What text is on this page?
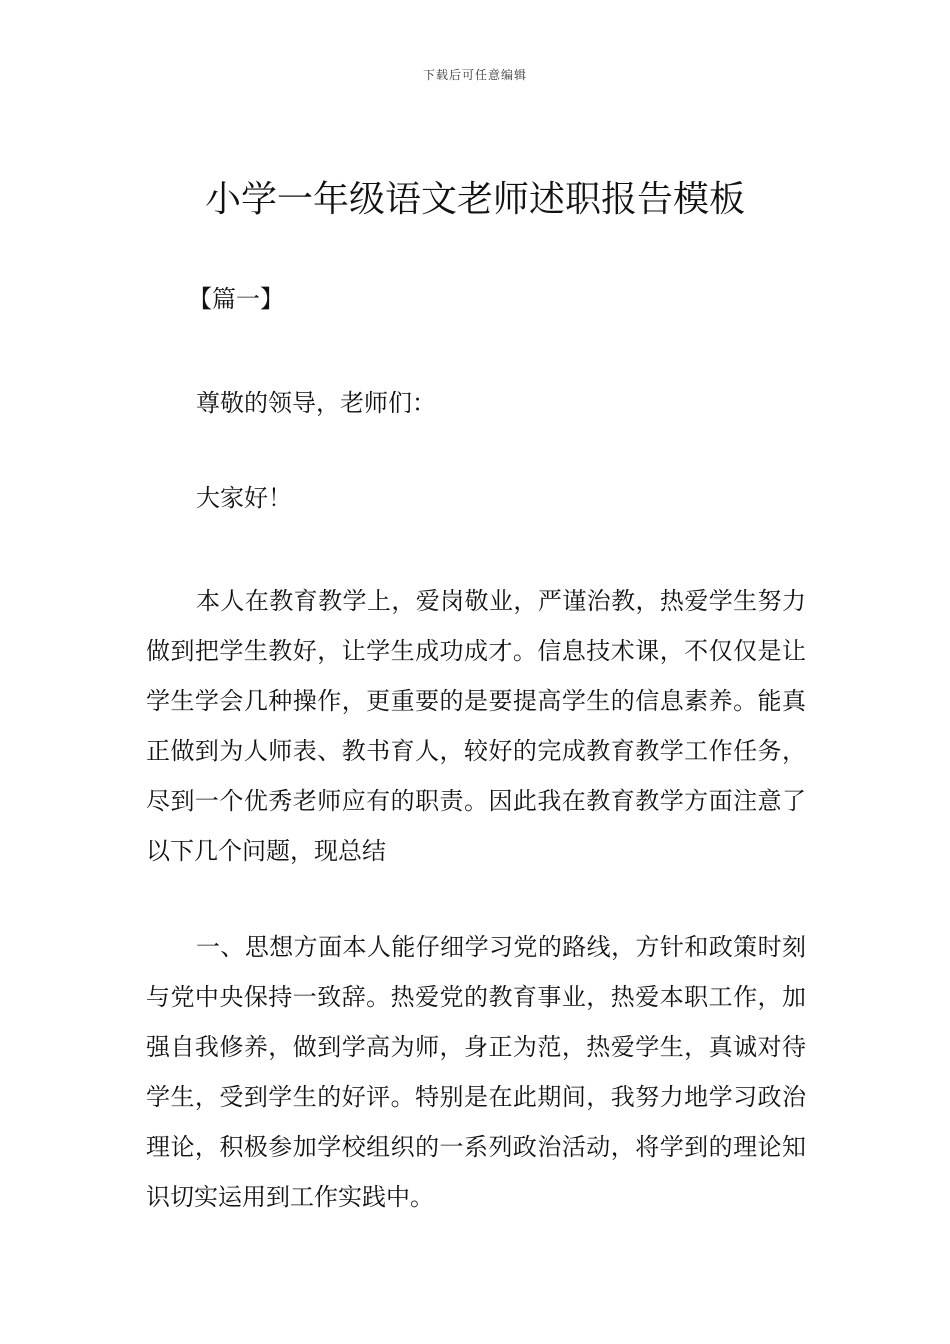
下载后可任意编辑
小学一年级语文老师述职报告模板

【篇一】

尊敬的领导，老师们：

大家好！

本人在教育教学上，爱岗敬业，严谨治教，热爱学生努力做到把学生教好，让学生成功成才。信息技术课，不仅仅是让学生学会几种操作，更重要的是要提高学生的信息素养。能真正做到为人师表、教书育人，较好的完成教育教学工作任务，尽到一个优秀老师应有的职责。因此我在教育教学方面注意了以下几个问题，现总结

一、思想方面本人能仔细学习党的路线，方针和政策时刻与党中央保持一致辞。热爱党的教育事业，热爱本职工作，加强自我修养，做到学高为师，身正为范，热爱学生，真诚对待学生，受到学生的好评。特别是在此期间，我努力地学习政治理论，积极参加学校组织的一系列政治活动，将学到的理论知识切实运用到工作实践中。
